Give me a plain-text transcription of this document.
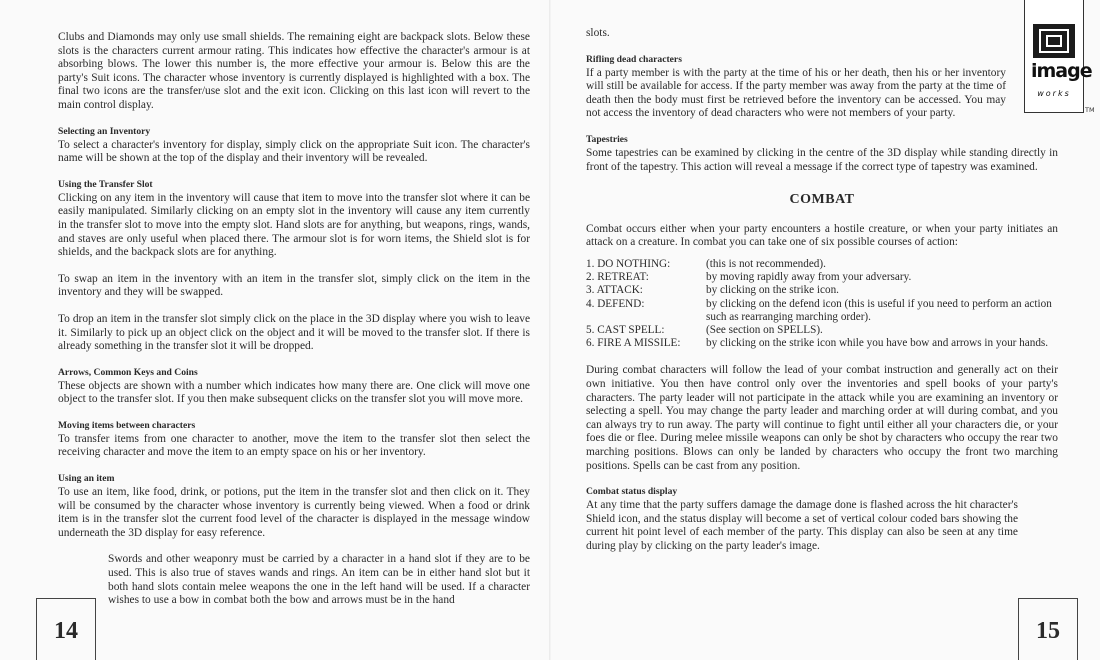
Clubs and Diamonds may only use small shields. The remaining eight are backpack slots. Below these slots is the characters current armour rating. This indicates how effective the character's armour is at absorbing blows. The lower this number is, the more effective your armour is. Below this are the party's Suit icons. The character whose inventory is currently displayed is highlighted with a box. The final two icons are the transfer/use slot and the exit icon. Clicking on this last icon will revert to the main control display.

Selecting an Inventory

To select a character's inventory for display, simply click on the appropriate Suit icon. The character's name will be shown at the top of the display and their inventory will be revealed.

Using the Transfer Slot

Clicking on any item in the inventory will cause that item to move into the transfer slot where it can be easily manipulated. Similarly clicking on an empty slot in the inventory will cause any item currently in the transfer slot to move into the empty slot. Hand slots are for anything, but weapons, rings, wands, and staves are only useful when placed there. The armour slot is for worn items, the Shield slot is for shields, and the backpack slots are for anything.

To swap an item in the inventory with an item in the transfer slot, simply click on the item in the inventory and they will be swapped.

To drop an item in the transfer slot simply click on the place in the 3D display where you wish to leave it. Similarly to pick up an object click on the object and it will be moved to the transfer slot. If there is already something in the transfer slot it will be dropped.

Arrows, Common Keys and Coins

These objects are shown with a number which indicates how many there are. One click will move one object to the transfer slot. If you then make subsequent clicks on the transfer slot you will move more.

Moving items between characters

To transfer items from one character to another, move the item to the transfer slot then select the receiving character and move the item to an empty space on his or her inventory.

Using an item

To use an item, like food, drink, or potions, put the item in the transfer slot and then click on it. They will be consumed by the character whose inventory is currently being viewed. When a food or drink item is in the transfer slot the current food level of the character is displayed in the message window underneath the 3D display for easy reference.

Swords and other weaponry must be carried by a character in a hand slot if they are to be used. This is also true of staves wands and rings. An item can be in either hand slot but it both hand slots contain melee weapons the one in the left hand will be used. If a character wishes to use a bow in combat both the bow and arrows must be in the hand

14

slots.

Rifling dead characters

If a party member is with the party at the time of his or her death, then his or her inventory will still be available for access. If the party member was away from the party at the time of death then the body must first be retrieved before the inventory can be accessed. You may not access the inventory of dead characters who were not members of your party.

Tapestries

Some tapestries can be examined by clicking in the centre of the 3D display while standing directly in front of the tapestry. This action will reveal a message if the correct type of tapestry was examined.

COMBAT

Combat occurs either when your party encounters a hostile creature, or when your party initiates an attack on a creature. In combat you can take one of six possible courses of action:

1. DO NOTHING:	(this is not recommended).
2. RETREAT:	by moving rapidly away from your adversary.
3. ATTACK:	by clicking on the strike icon.
4. DEFEND:	by clicking on the defend icon (this is useful if you need to perform an action such as rearranging marching order).
5. CAST SPELL:	(See section on SPELLS).
6. FIRE A MISSILE:	by clicking on the strike icon while you have bow and arrows in your hands.

During combat characters will follow the lead of your combat instruction and generally act on their own initiative. You then have control only over the inventories and spell books of your party's characters. The party leader will not participate in the attack while you are examining an inventory or selecting a spell. You may change the party leader and marching order at will during combat, and you can always try to run away. The party will continue to fight until either all your characters die, or your foes die or flee. During melee missile weapons can only be shot by characters who occupy the rear two marching positions. Blows can only be landed by characters who occupy the front two marching positions. Spells can be cast from any position.

Combat status display

At any time that the party suffers damage the damage done is flashed across the hit character's Shield icon, and the status display will become a set of vertical colour coded bars showing the current hit point level of each member of the party. This display can also be seen at any time during play by clicking on the party leader's image.

image
works
TM
15
